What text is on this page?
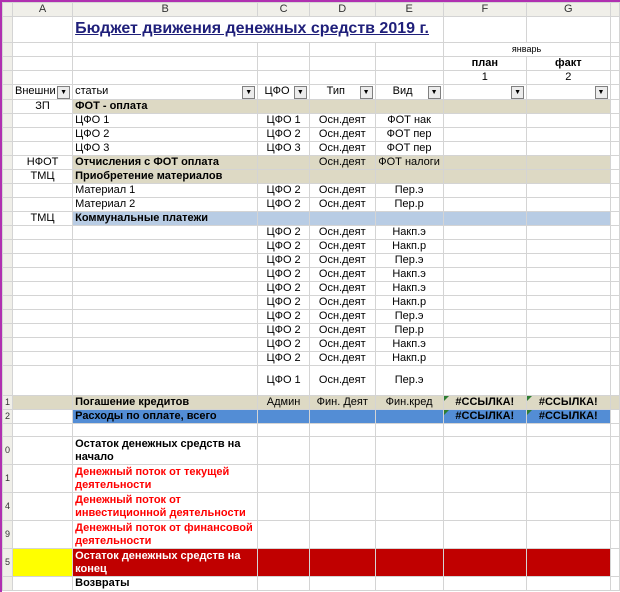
	A	B	C	D	E	F	G	
		Бюджет движения денежных средств 2019 г.						
						январь		
						план	факт	
						1	2	
	Внешни ▼	статьи ▼	ЦФО ▼	Тип ▼	Вид ▼	▼	▼	

	ЗП	ФОТ - оплата						
		ЦФО 1	ЦФО 1	Осн.деят	ФОТ нак			
		ЦФО 2	ЦФО 2	Осн.деят	ФОТ пер			
		ЦФО 3	ЦФО 3	Осн.деят	ФОТ пер			
	НФОТ	Отчисления с ФОТ оплата		Осн.деят	ФОТ налоги			
	ТМЦ	Приобретение материалов						
		Материал 1	ЦФО 2	Осн.деят	Пер.э			
		Материал 2	ЦФО 2	Осн.деят	Пер.р			
	ТМЦ	Коммунальные платежи						
			ЦФО 2	Осн.деят	Накп.э			
			ЦФО 2	Осн.деят	Накп.р			
			ЦФО 2	Осн.деят	Пер.э			
			ЦФО 2	Осн.деят	Накп.э			
			ЦФО 2	Осн.деят	Накп.э			
			ЦФО 2	Осн.деят	Накп.р			
			ЦФО 2	Осн.деят	Пер.э			
			ЦФО 2	Осн.деят	Пер.р			
			ЦФО 2	Осн.деят	Накп.э			
			ЦФО 2	Осн.деят	Накп.р			
			ЦФО 1	Осн.деят	Пер.э			
1		Погашение кредитов	Админ	Фин. Деят	Фин.кред	#ССЫЛКА!	#ССЫЛКА!	
2		Расходы по оплате, всего				#ССЫЛКА!	#ССЫЛКА!	

0		Остаток денежных средств на начало						
1		Денежный поток от текущей деятельности						
4		Денежный поток от инвестиционной деятельности						
9		Денежный поток от финансовой деятельности						
5		Остаток денежных средств на конец						
		Возвраты						
